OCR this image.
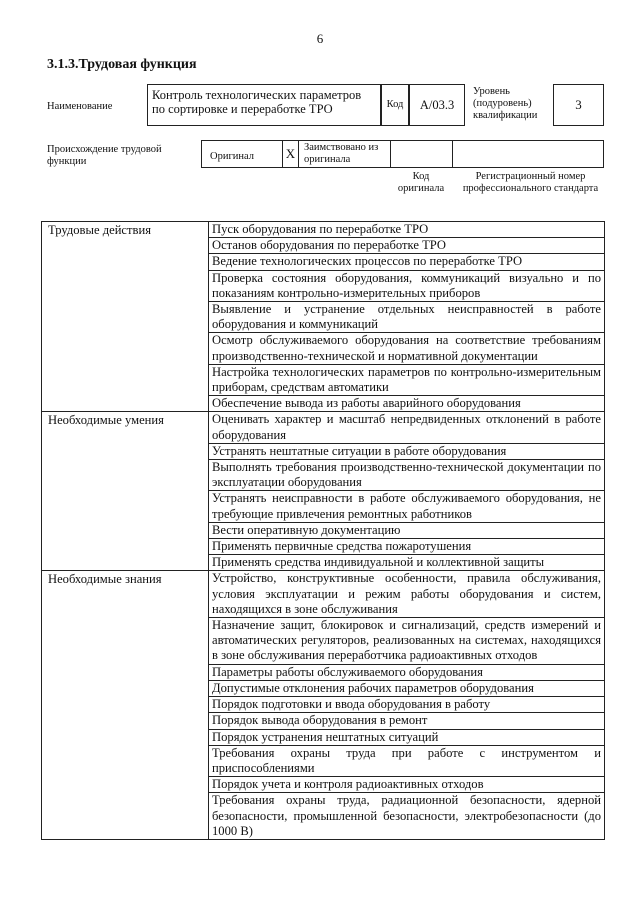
6
3.1.3.Трудовая функция
Наименование
Контроль технологических параметров по сортировке и переработке ТРО	Код А/03.3
Уровень (подуровень) квалификации
3
Происхождение трудовой функции	Оригинал X Заимствовано из оригинала
Код оригинала
Регистрационный номер профессионального стандарта
Трудовые действия	Пуск оборудования по переработке ТРО
	Останов оборудования по переработке ТРО
	Ведение технологических процессов по переработке ТРО
	Проверка состояния оборудования, коммуникаций визуально и по показаниям контрольно-измерительных приборов
	Выявление и устранение отдельных неисправностей в работе оборудования и коммуникаций
	Осмотр обслуживаемого оборудования на соответствие требованиям производственно-технической и нормативной документации
	Настройка технологических параметров по контрольно-измерительным приборам, средствам автоматики
	Обеспечение вывода из работы аварийного оборудования
Необходимые умения	Оценивать характер и масштаб непредвиденных отклонений в работе оборудования
	Устранять нештатные ситуации в работе оборудования
	Выполнять требования производственно-технической документации по эксплуатации оборудования
	Устранять неисправности в работе обслуживаемого оборудования, не требующие привлечения ремонтных работников
	Вести оперативную документацию
	Применять первичные средства пожаротушения
	Применять средства индивидуальной и коллективной защиты
Необходимые знания	Устройство, конструктивные особенности, правила обслуживания, условия эксплуатации и режим работы оборудования и систем, находящихся в зоне обслуживания
	Назначение защит, блокировок и сигнализаций, средств измерений и автоматических регуляторов, реализованных на системах, находящихся в зоне обслуживания переработчика радиоактивных отходов
	Параметры работы обслуживаемого оборудования
	Допустимые отклонения рабочих параметров оборудования
	Порядок подготовки и ввода оборудования в работу
	Порядок вывода оборудования в ремонт
	Порядок устранения нештатных ситуаций
	Требования охраны труда при работе с инструментом и приспособлениями
	Порядок учета и контроля радиоактивных отходов
	Требования охраны труда, радиационной безопасности, ядерной безопасности, промышленной безопасности, электробезопасности (до 1000 В)
